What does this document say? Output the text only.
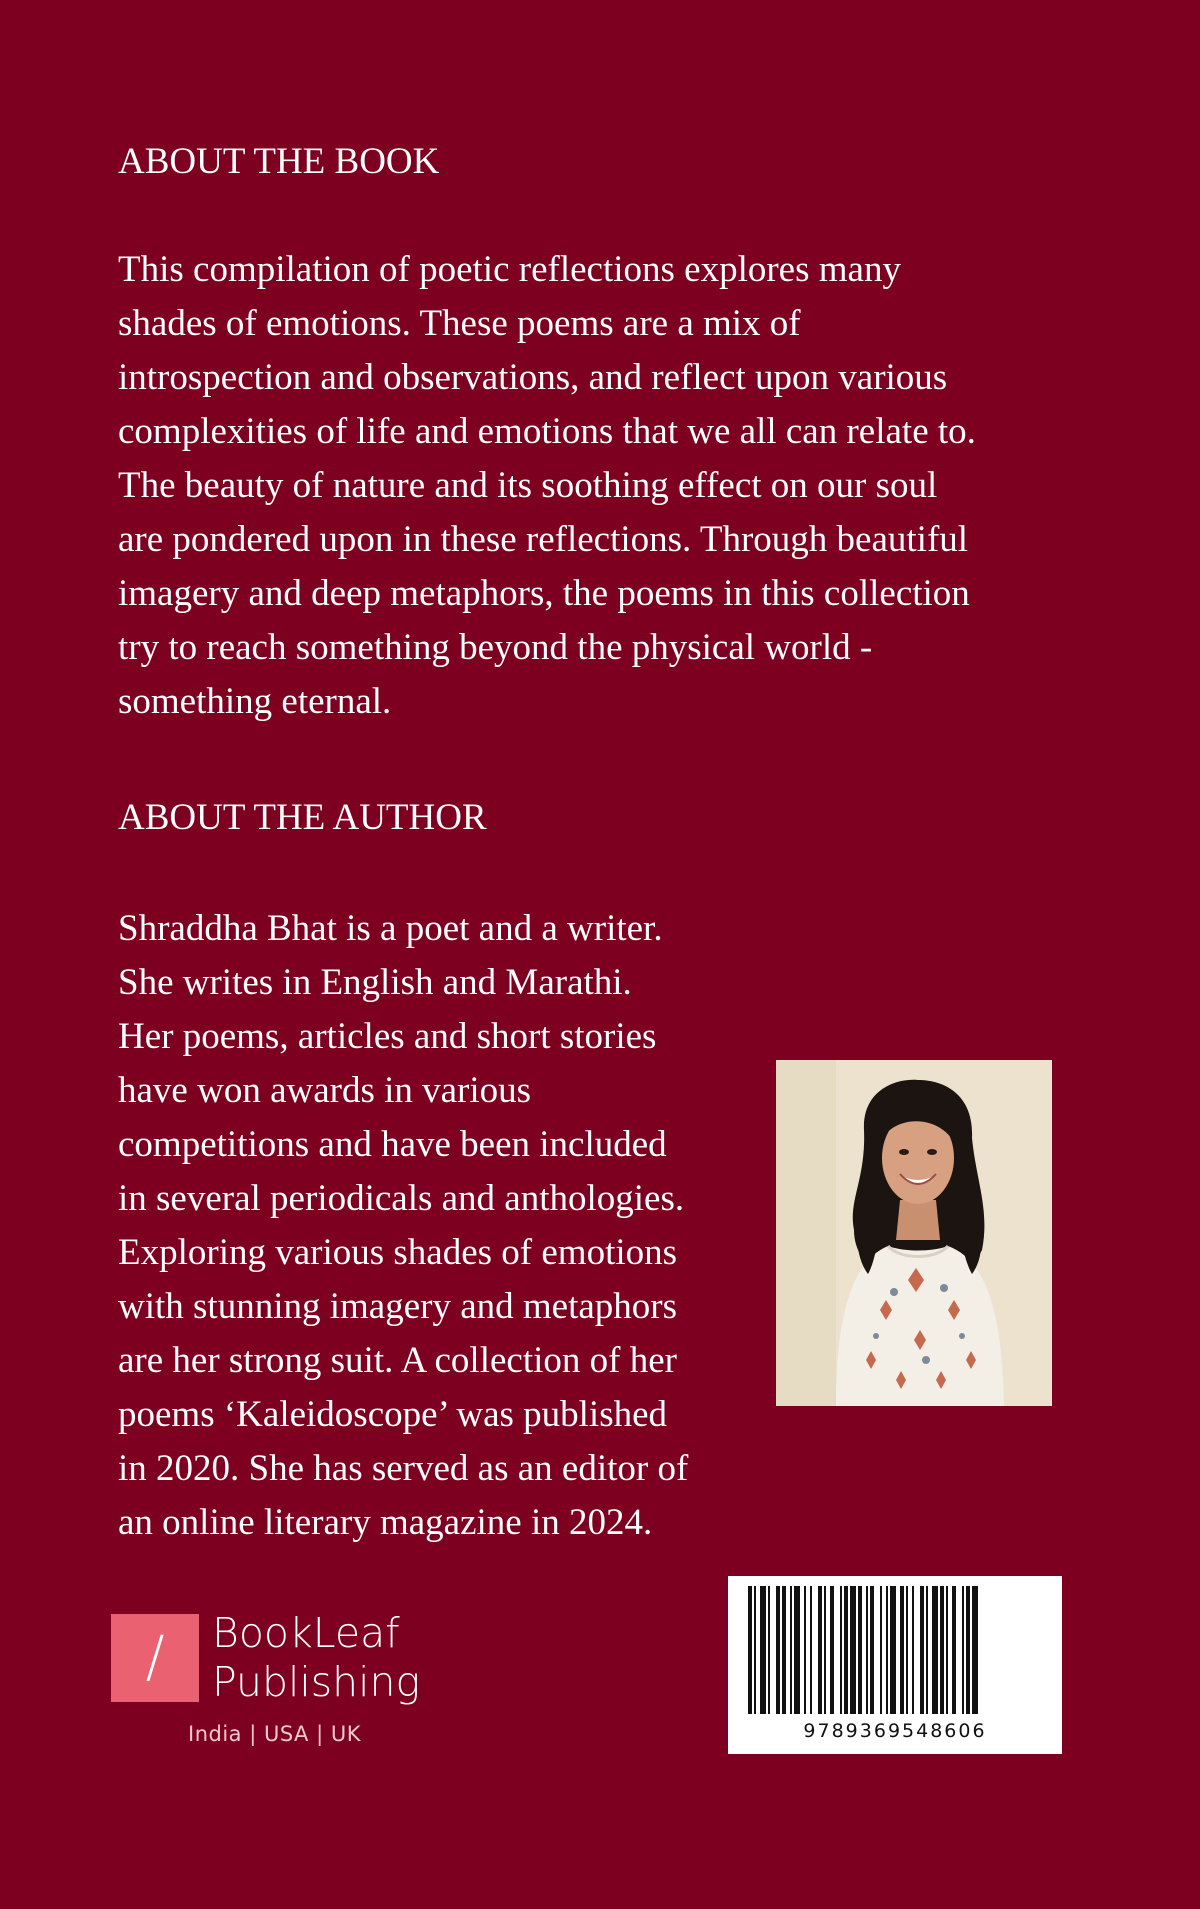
ABOUT THE BOOK

This compilation of poetic reflections explores many
shades of emotions. These poems are a mix of
introspection and observations, and reflect upon various
complexities of life and emotions that we all can relate to.
The beauty of nature and its soothing effect on our soul
are pondered upon in these reflections. Through beautiful
imagery and deep metaphors, the poems in this collection
try to reach something beyond the physical world -
something eternal.

ABOUT THE AUTHOR

Shraddha Bhat is a poet and a writer.
She writes in English and Marathi.
Her poems, articles and short stories
have won awards in various
competitions and have been included
in several periodicals and anthologies.
Exploring various shades of emotions
with stunning imagery and metaphors
are her strong suit. A collection of her
poems ‘Kaleidoscope’ was published
in 2020. She has served as an editor of
an online literary magazine in 2024.

/	BookLeaf
Publishing
India | USA | UK	9789369548606
